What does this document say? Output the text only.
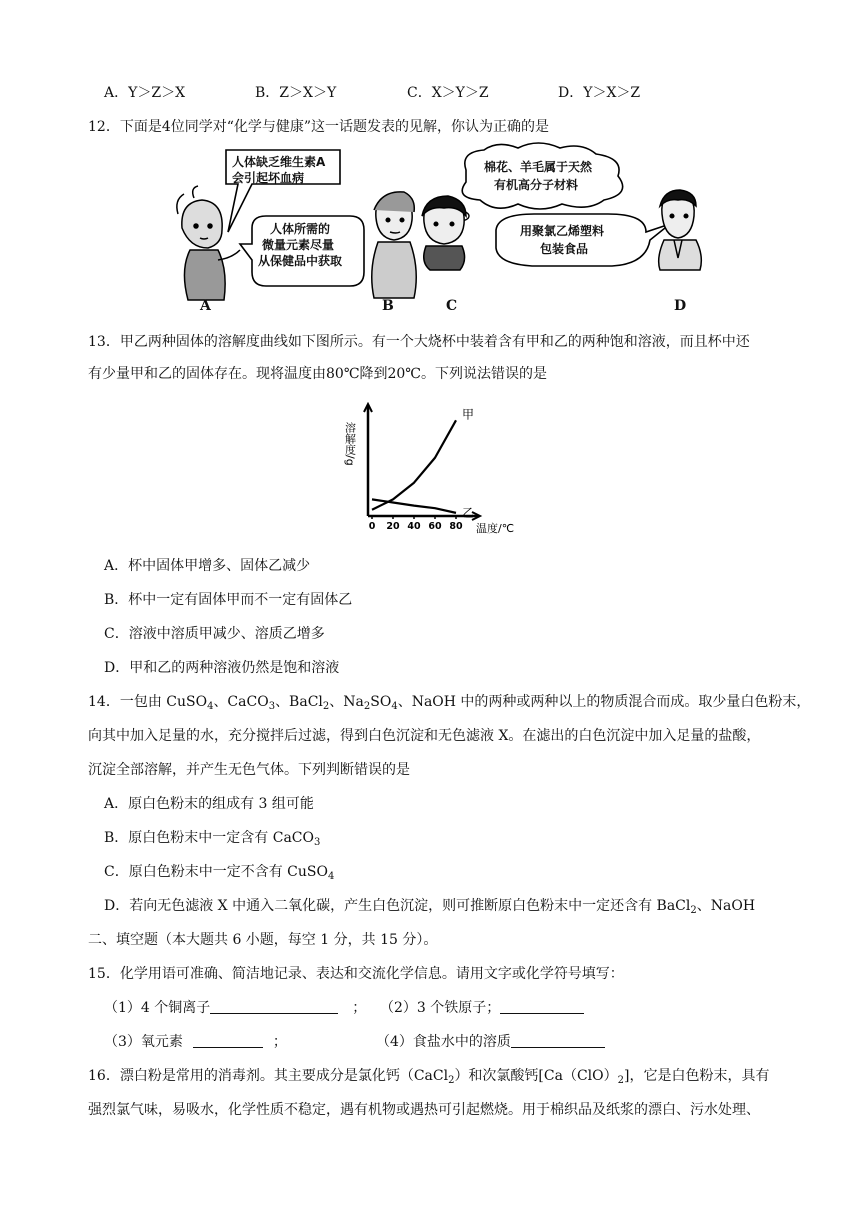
A．Y＞Z＞X	B．Z＞X＞Y	C．X＞Y＞Z	D．Y＞X＞Z
12．下面是4位同学对“化学与健康”这一话题发表的见解，你认为正确的是
人体缺乏维生素A
会引起坏血病
人体所需的
微量元素尽量
从保健品中获取
棉花、羊毛属于天然
有机高分子材料
用聚氯乙烯塑料
包装食品
A	B	C	D
13．甲乙两种固体的溶解度曲线如下图所示。有一个大烧杯中装着含有甲和乙的两种饱和溶液，而且杯中还
有少量甲和乙的固体存在。现将温度由80℃降到20℃。下列说法错误的是
溶解度/g
0 20 40 60 80 温度/℃
甲
乙
A．杯中固体甲增多、固体乙减少
B．杯中一定有固体甲而不一定有固体乙
C．溶液中溶质甲减少、溶质乙增多
D．甲和乙的两种溶液仍然是饱和溶液
14．一包由 CuSO$_4$、CaCO$_3$、BaCl$_2$、$Na_2SO_4$、NaOH 中的两种或两种以上的物质混合而成。取少量白色粉末，
向其中加入足量的水，充分搅拌后过滤，得到白色沉淀和无色滤液 X。在滤出的白色沉淀中加入足量的盐酸，
沉淀全部溶解，并产生无色气体。下列判断错误的是
A．原白色粉末的组成有 3 组可能
B．原白色粉末中一定含有 CaCO$_3$
C．原白色粉末中一定不含有 CuSO$_4$
D．若向无色滤液 X 中通入二氧化碳，产生白色沉淀，则可推断原白色粉末中一定还含有 BaCl$_2$、NaOH
二、填空题（本大题共 6 小题，每空 1 分，共 15 分）。
15．化学用语可准确、简洁地记录、表达和交流化学信息。请用文字或化学符号填写：
（1）4 个铜离子	； （2）3 个铁原子；
（3）氧元素	；	（4）食盐水中的溶质
16．漂白粉是常用的消毒剂。其主要成分是氯化钙（CaCl$_2$）和次氯酸钙$[Ca(ClO)_2]$，它是白色粉末，具有
强烈氯气味，易吸水，化学性质不稳定，遇有机物或遇热可引起燃烧。用于棉织品及纸浆的漂白、污水处理、
